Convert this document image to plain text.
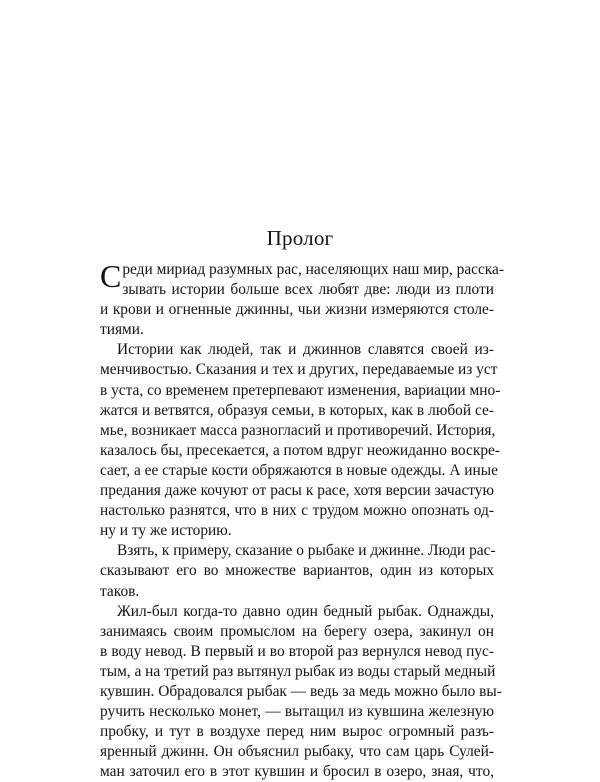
Пролог
С реди мириад разумных рас, населяющих наш мир, расска-
зывать истории больше всех любят две: люди из плоти
и крови и огненные джинны, чьи жизни измеряются столе-
тиями.
Истории как людей, так и джиннов славятся своей из-
менчивостью. Сказания и тех и других, передаваемые из уст
в уста, со временем претерпевают изменения, вариации мно-
жатся и ветвятся, образуя семьи, в которых, как в любой се-
мье, возникает масса разногласий и противоречий. История,
казалось бы, пресекается, а потом вдруг неожиданно воскре-
сает, а ее старые кости обряжаются в новые одежды. А иные
предания даже кочуют от расы к расе, хотя версии зачастую
настолько разнятся, что в них с трудом можно опознать од-
ну и ту же историю.
Взять, к примеру, сказание о рыбаке и джинне. Люди рас-
сказывают его во множестве вариантов, один из которых
таков.
Жил-был когда-то давно один бедный рыбак. Однажды,
занимаясь своим промыслом на берегу озера, закинул он
в воду невод. В первый и во второй раз вернулся невод пус-
тым, а на третий раз вытянул рыбак из воды старый медный
кувшин. Обрадовался рыбак — ведь за медь можно было вы-
ручить несколько монет, — вытащил из кувшина железную
пробку, и тут в воздухе перед ним вырос огромный разъ-
яренный джинн. Он объяснил рыбаку, что сам царь Сулей-
ман заточил его в этот кувшин и бросил в озеро, зная, что,
